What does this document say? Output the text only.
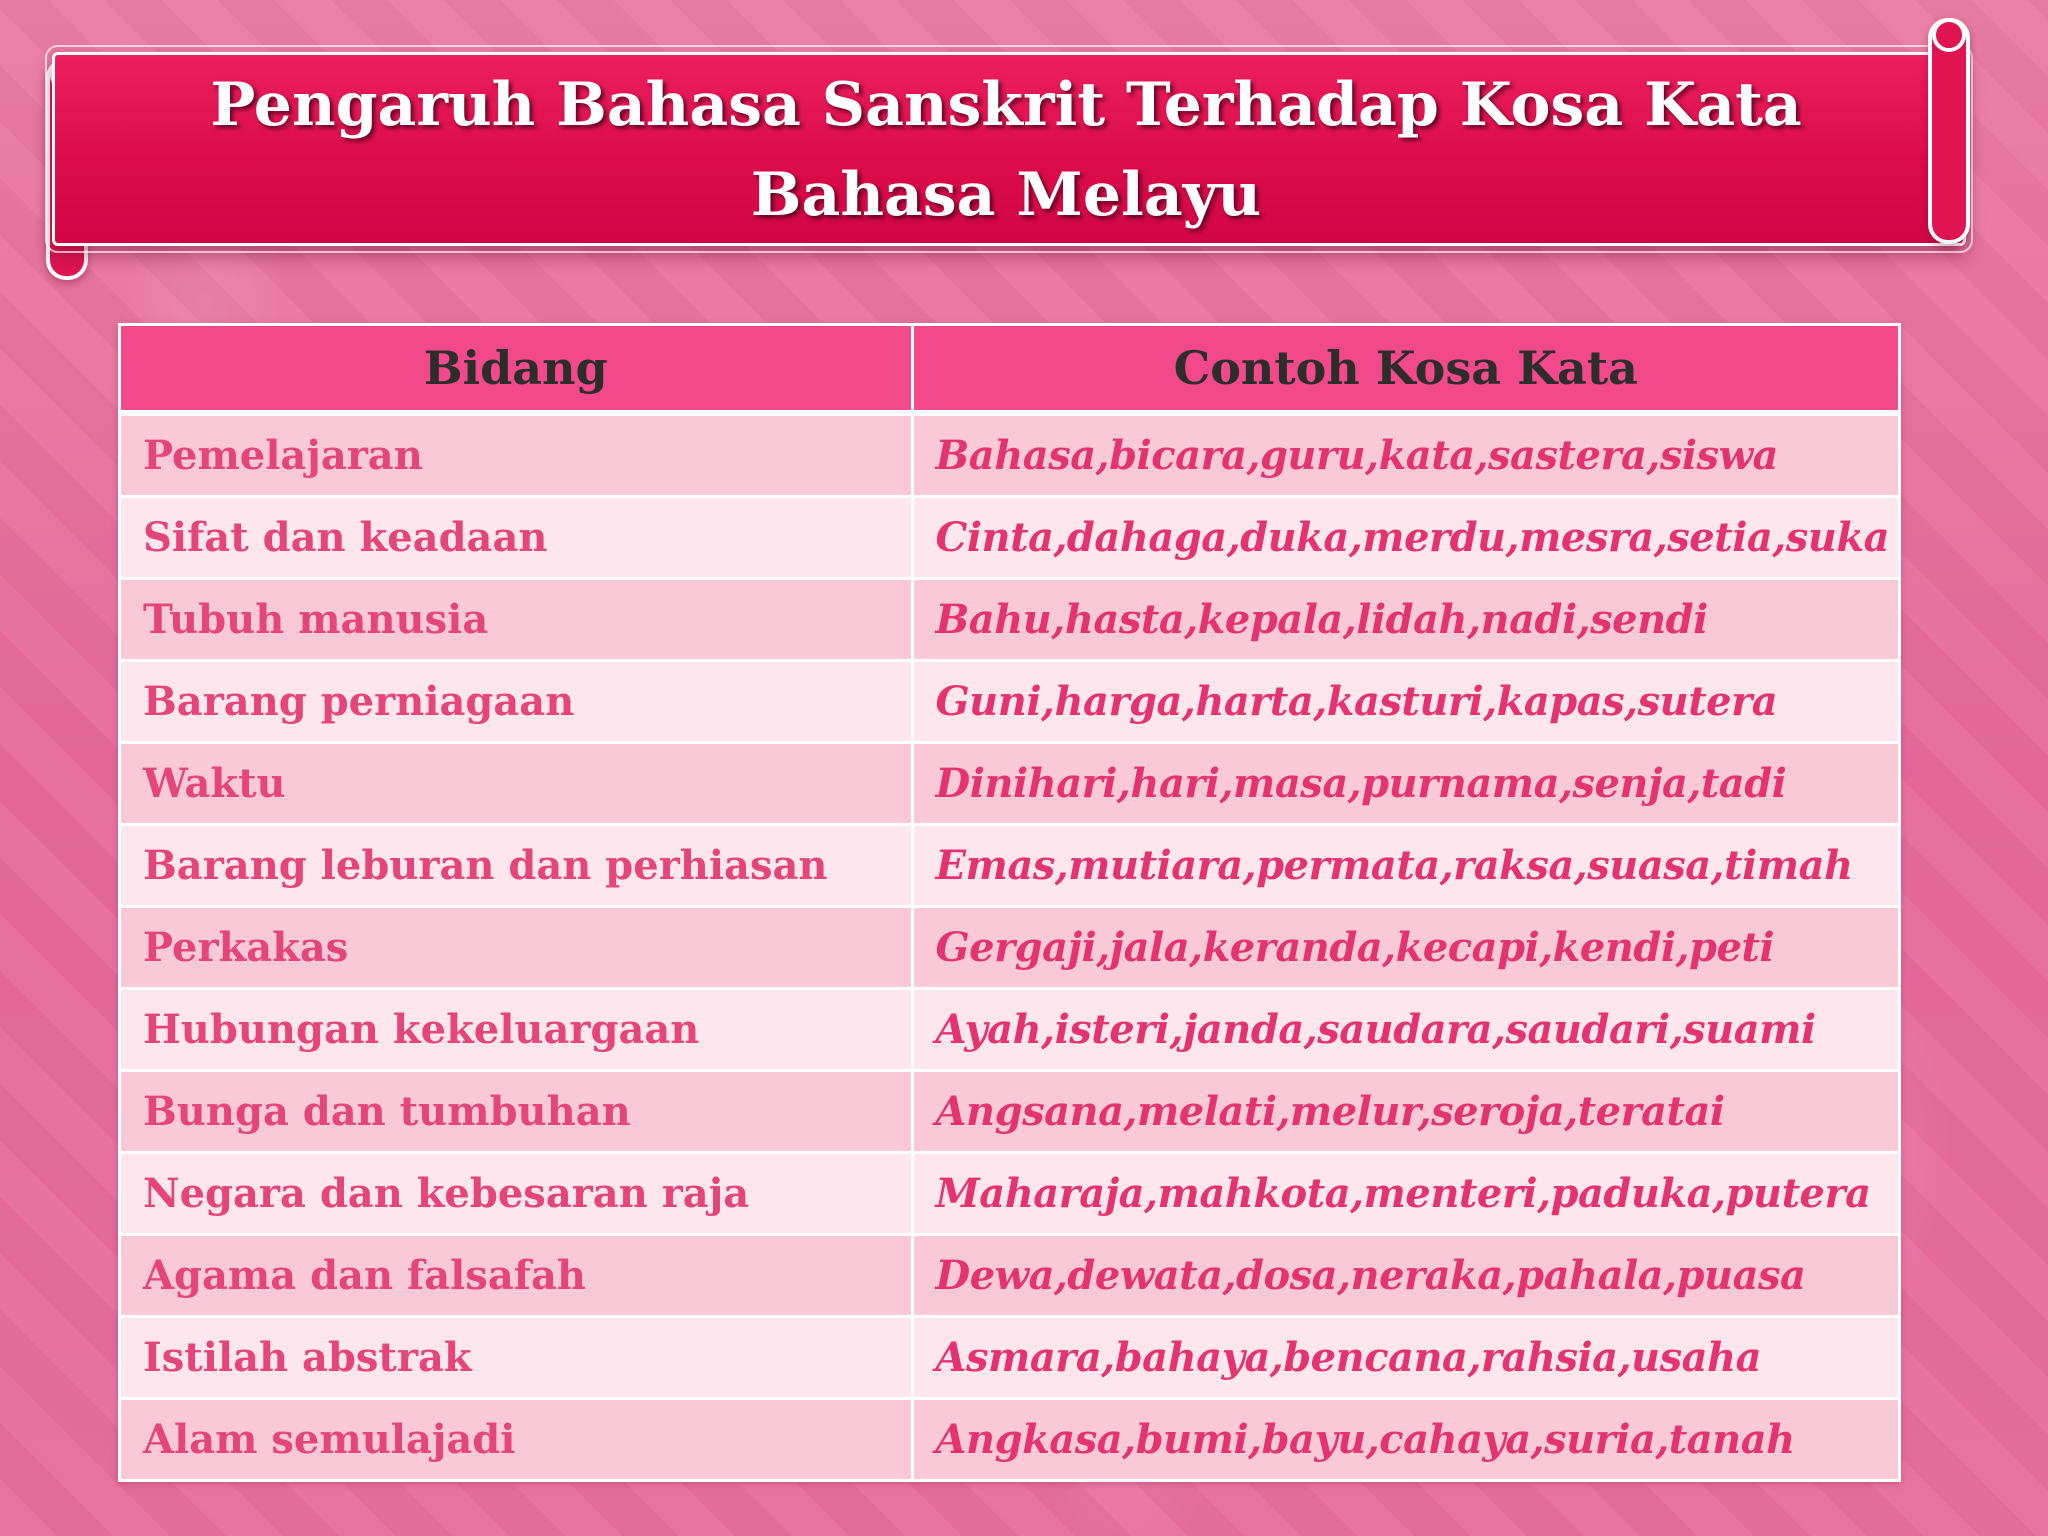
Pengaruh Bahasa Sanskrit Terhadap Kosa Kata
Bahasa Melayu
Bidang	Contoh Kosa Kata
Pemelajaran	Bahasa,bicara,guru,kata,sastera,siswa
Sifat dan keadaan	Cinta,dahaga,duka,merdu,mesra,setia,suka
Tubuh manusia	Bahu,hasta,kepala,lidah,nadi,sendi
Barang perniagaan	Guni,harga,harta,kasturi,kapas,sutera
Waktu	Dinihari,hari,masa,purnama,senja,tadi
Barang leburan dan perhiasan	Emas,mutiara,permata,raksa,suasa,timah
Perkakas	Gergaji,jala,keranda,kecapi,kendi,peti
Hubungan kekeluargaan	Ayah,isteri,janda,saudara,saudari,suami
Bunga dan tumbuhan	Angsana,melati,melur,seroja,teratai
Negara dan kebesaran raja	Maharaja,mahkota,menteri,paduka,putera
Agama dan falsafah	Dewa,dewata,dosa,neraka,pahala,puasa
Istilah abstrak	Asmara,bahaya,bencana,rahsia,usaha
Alam semulajadi	Angkasa,bumi,bayu,cahaya,suria,tanah
